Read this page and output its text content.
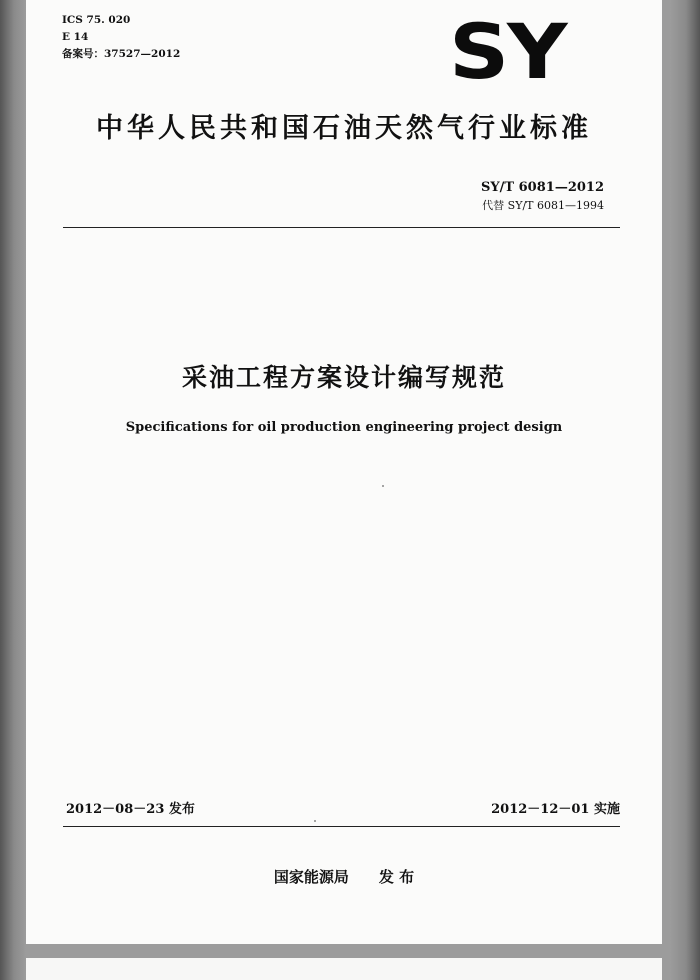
ICS 75. 020
E 14
备案号：37527—2012	SY
中华人民共和国石油天然气行业标准
SY/T 6081—2012
代替 SY/T 6081—1994
采油工程方案设计编写规范
Specifications for oil production engineering project design
2012－08－23 发布	2012－12－01 实施
国家能源局 发 布
